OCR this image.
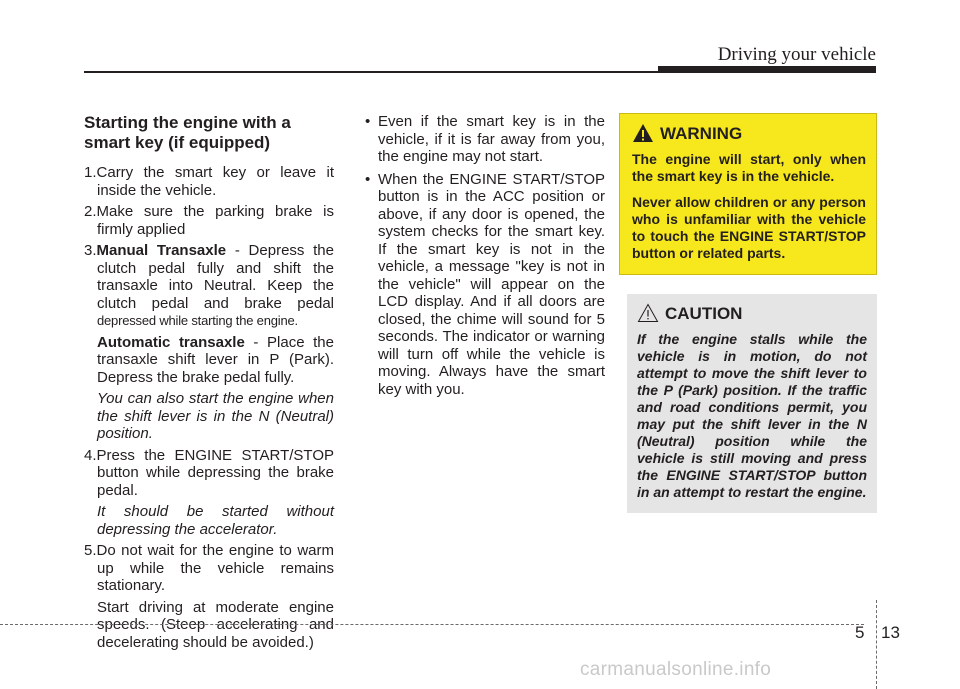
Driving your vehicle
Starting the engine with a smart key (if equipped)
1.Carry the smart key or leave it inside the vehicle.
2.Make sure the parking brake is firmly applied
3.Manual Transaxle - Depress the clutch pedal fully and shift the transaxle into Neutral. Keep the clutch pedal and brake pedal depressed while starting the engine.
Automatic transaxle - Place the transaxle shift lever in P (Park). Depress the brake pedal fully.
You can also start the engine when the shift lever is in the N (Neutral) position.
4.Press the ENGINE START/STOP button while depressing the brake pedal.
It should be started without depressing the accelerator.
5.Do not wait for the engine to warm up while the vehicle remains stationary.
Start driving at moderate engine speeds. (Steep accelerating and decelerating should be avoided.)
• Even if the smart key is in the vehicle, if it is far away from you, the engine may not start.
• When the ENGINE START/STOP button is in the ACC position or above, if any door is opened, the system checks for the smart key. If the smart key is not in the vehicle, a message "key is not in the vehicle" will appear on the LCD display. And if all doors are closed, the chime will sound for 5 seconds. The indicator or warning will turn off while the vehicle is moving. Always have the smart key with you.
WARNING
The engine will start, only when the smart key is in the vehicle.
Never allow children or any person who is unfamiliar with the vehicle to touch the ENGINE START/STOP button or related parts.
CAUTION
If the engine stalls while the vehicle is in motion, do not attempt to move the shift lever to the P (Park) position. If the traffic and road conditions permit, you may put the shift lever in the N (Neutral) position while the vehicle is still moving and press the ENGINE START/STOP button in an attempt to restart the engine.
5 13
carmanualsonline.info
